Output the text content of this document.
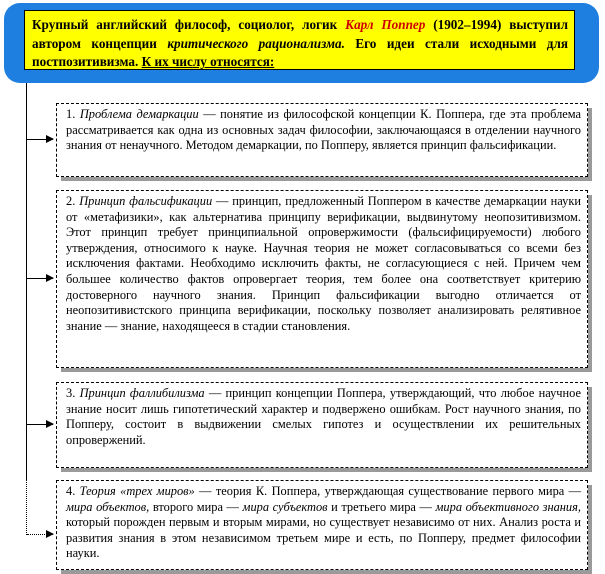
Крупный английский философ, социолог, логик Карл Поппер (1902–1994) выступил автором концепции критического рационализма. Его идеи стали исходными для постпозитивизма. К их числу относятся:
1. Проблема демаркации — понятие из философской концепции К. Поппера, где эта проблема рассматривается как одна из основных задач философии, заключающаяся в отделении научного знания от ненаучного. Методом демаркации, по Попперу, является принцип фальсификации.
2. Принцип фальсификации — принцип, предложенный Поппером в качестве демаркации науки от «метафизики», как альтернатива принципу верификации, выдвинутому неопозитивизмом. Этот принцип требует принципиальной опровержимости (фальсифицируемости) любого утверждения, относимого к науке. Научная теория не может согласовываться со всеми без исключения фактами. Необходимо исключить факты, не согласующиеся с ней. Причем чем большее количество фактов опровергает теория, тем более она соответствует критерию достоверного научного знания. Принцип фальсификации выгодно отличается от неопозитивистского принципа верификации, поскольку позволяет анализировать релятивное знание — знание, находящееся в стадии становления.
3. Принцип фаллибилизма — принцип концепции Поппера, утверждающий, что любое научное знание носит лишь гипотетический характер и подвержено ошибкам. Рост научного знания, по Попперу, состоит в выдвижении смелых гипотез и осуществлении их решительных опровержений.
4. Теория «трех миров» — теория К. Поппера, утверждающая существование первого мира — мира объектов, второго мира — мира субъектов и третьего мира — мира объективного знания, который порожден первым и вторым мирами, но существует независимо от них. Анализ роста и развития знания в этом независимом третьем мире и есть, по Попперу, предмет философии науки.
